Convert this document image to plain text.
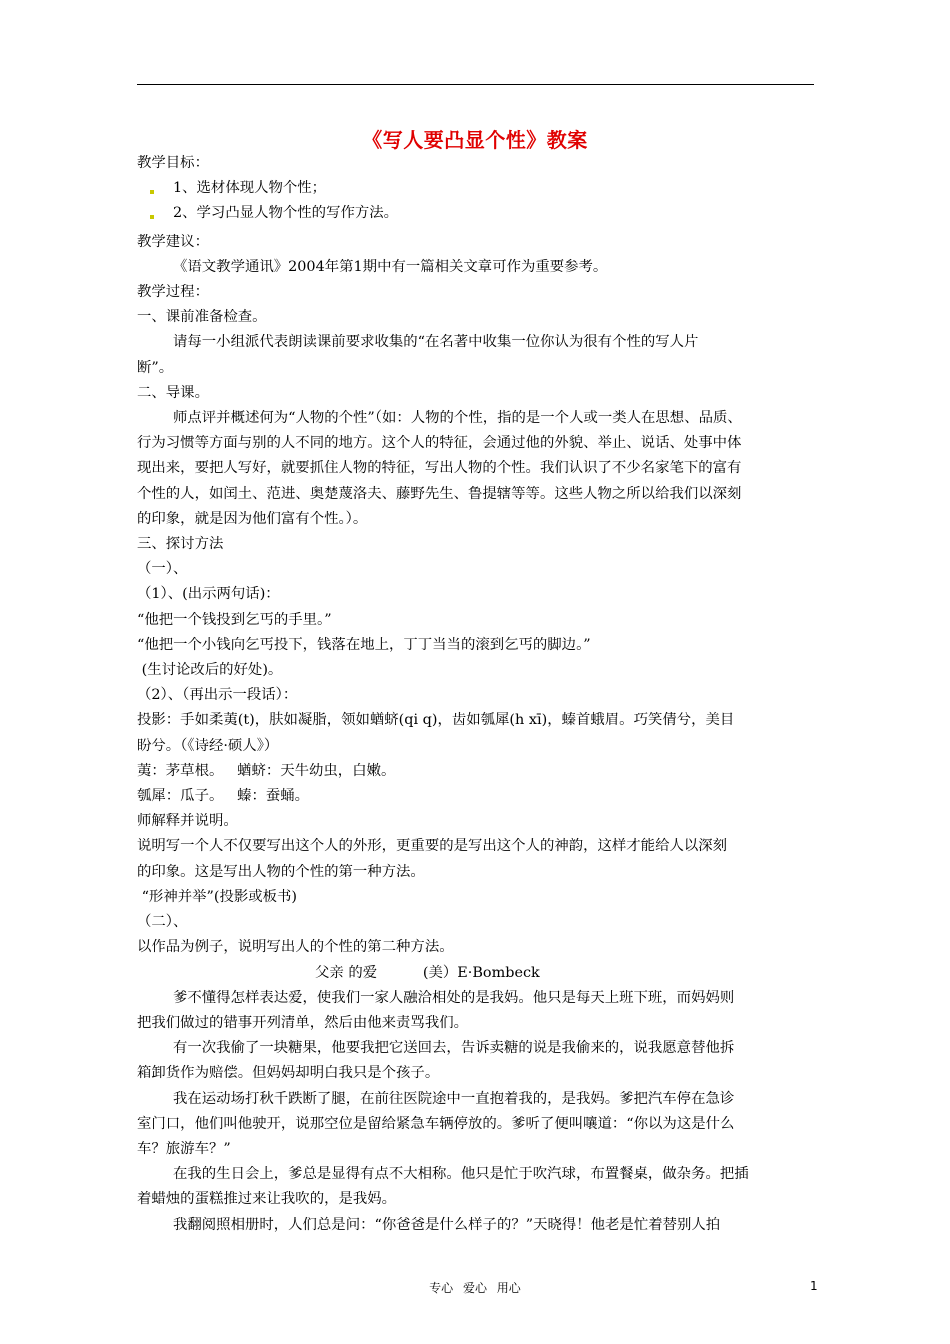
《写人要凸显个性》教案

教学目标：

1、选材体现人物个性；

2、学习凸显人物个性的写作方法。

教学建议：

《语文教学通讯》2004年第1期中有一篇相关文章可作为重要参考。

教学过程：

一、课前准备检查。

请每一小组派代表朗读课前要求收集的“在名著中收集一位你认为很有个性的写人片

断”。

二、导课。

师点评并概述何为“人物的个性”（如：人物的个性，指的是一个人或一类人在思想、品质、

行为习惯等方面与别的人不同的地方。这个人的特征，会通过他的外貌、举止、说话、处事中体

现出来，要把人写好，就要抓住人物的特征，写出人物的个性。我们认识了不少名家笔下的富有

个性的人，如闰土、范进、奥楚蔑洛夫、藤野先生、鲁提辖等等。这些人物之所以给我们以深刻

的印象，就是因为他们富有个性。）。

三、探讨方法

（一）、

（1）、(出示两句话)：

“他把一个钱投到乞丐的手里。”

“他把一个小钱向乞丐投下，钱落在地上，丁丁当当的滚到乞丐的脚边。”

(生讨论改后的好处)。

（2）、（再出示一段话）：

投影：手如柔荑(t)，肤如凝脂，领如蝤蛴(qi q)，齿如瓠犀(h xī)，螓首蛾眉。巧笑倩兮，美目

盼兮。（《诗经·硕人》）

荑：茅草根。   蝤蛴：天牛幼虫，白嫩。

瓠犀：瓜子。   螓：蚕蛹。

师解释并说明。

说明写一个人不仅要写出这个人的外形，更重要的是写出这个人的神韵，这样才能给人以深刻

的印象。这是写出人物的个性的第一种方法。

“形神并举”(投影或板书)

（二）、

以作品为例子，说明写出人的个性的第二种方法。

父亲 的爱          (美）E·Bombeck

爹不懂得怎样表达爱，使我们一家人融洽相处的是我妈。他只是每天上班下班，而妈妈则

把我们做过的错事开列清单，然后由他来责骂我们。

有一次我偷了一块糖果，他要我把它送回去，告诉卖糖的说是我偷来的，说我愿意替他拆

箱卸货作为赔偿。但妈妈却明白我只是个孩子。

我在运动场打秋千跌断了腿，在前往医院途中一直抱着我的，是我妈。爹把汽车停在急诊

室门口，他们叫他驶开，说那空位是留给紧急车辆停放的。爹听了便叫嚷道：“你以为这是什么

车？旅游车？”

在我的生日会上，爹总是显得有点不大相称。他只是忙于吹汽球，布置餐桌，做杂务。把插

着蜡烛的蛋糕推过来让我吹的，是我妈。

我翻阅照相册时，人们总是问：“你爸爸是什么样子的？”天晓得！他老是忙着替别人拍

专心 爱心 用心	1
